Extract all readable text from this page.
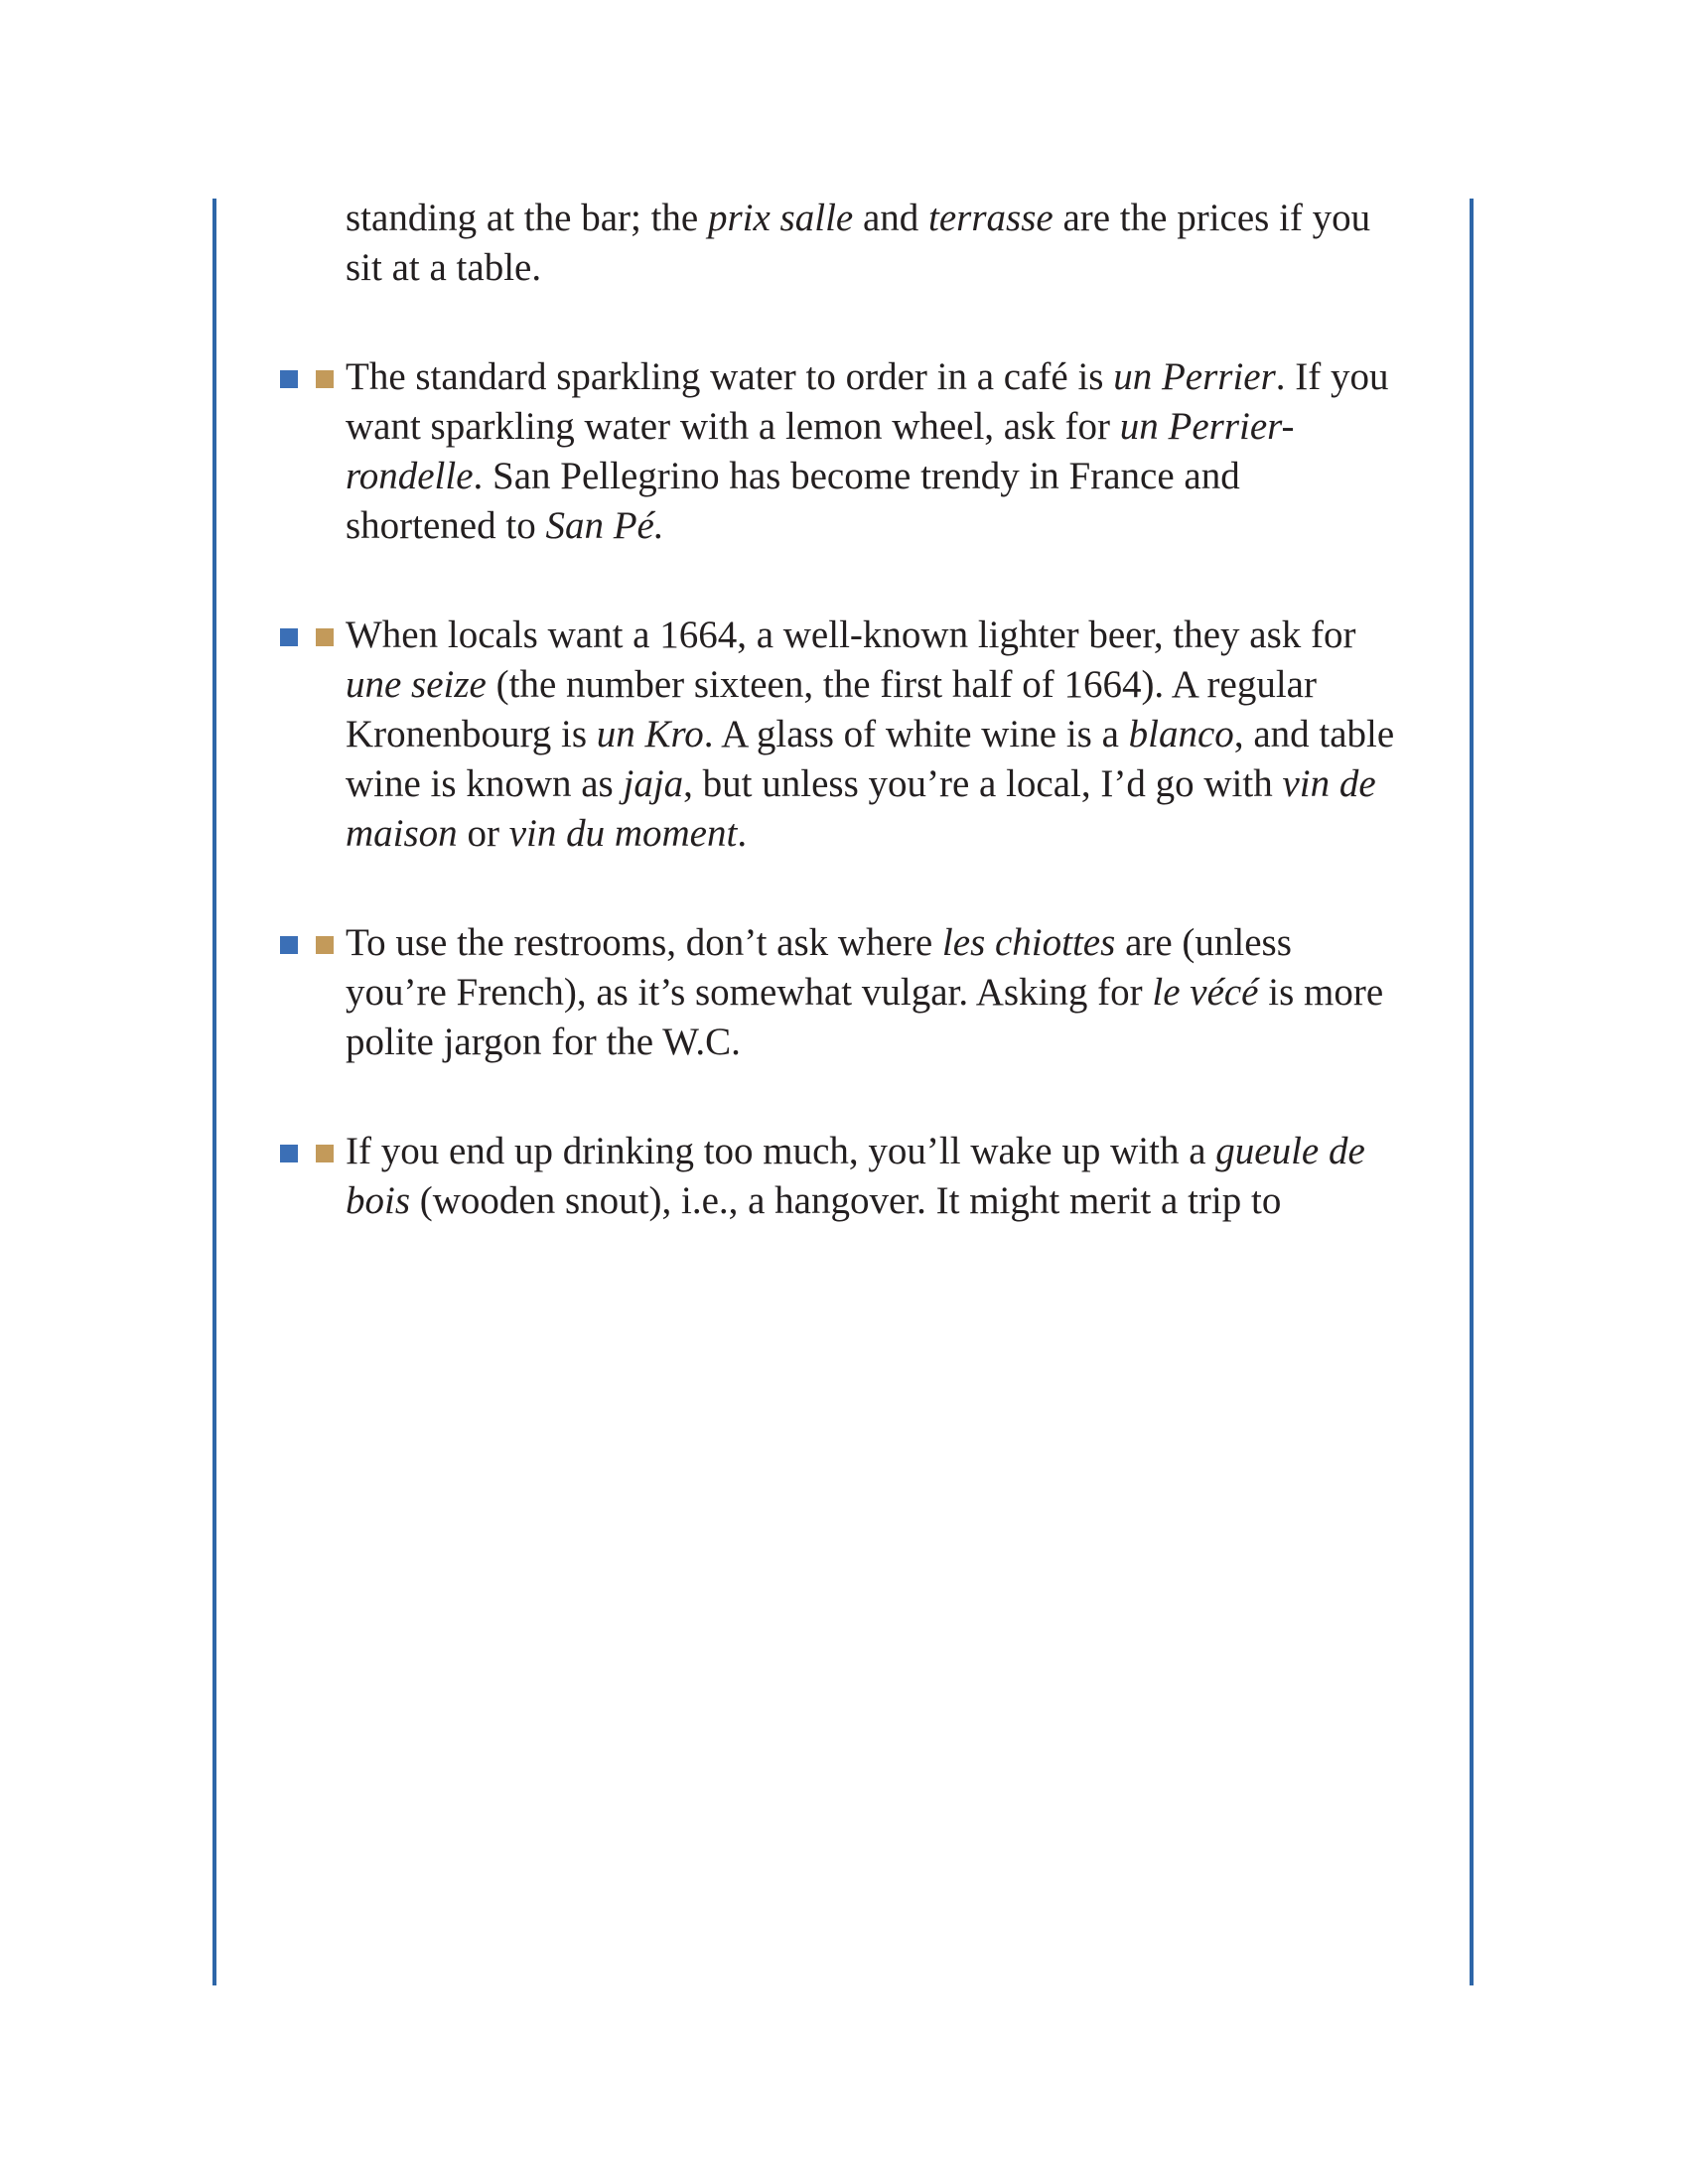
standing at the bar; the prix salle and terrasse are the prices if you sit at a table.

The standard sparkling water to order in a café is un Perrier. If you want sparkling water with a lemon wheel, ask for un Perrier-rondelle. San Pellegrino has become trendy in France and shortened to San Pé.

When locals want a 1664, a well-known lighter beer, they ask for une seize (the number sixteen, the first half of 1664). A regular Kronenbourg is un Kro. A glass of white wine is a blanco, and table wine is known as jaja, but unless you’re a local, I’d go with vin de maison or vin du moment.

To use the restrooms, don’t ask where les chiottes are (unless you’re French), as it’s somewhat vulgar. Asking for le vécé is more polite jargon for the W.C.

If you end up drinking too much, you’ll wake up with a gueule de bois (wooden snout), i.e., a hangover. It might merit a trip to
